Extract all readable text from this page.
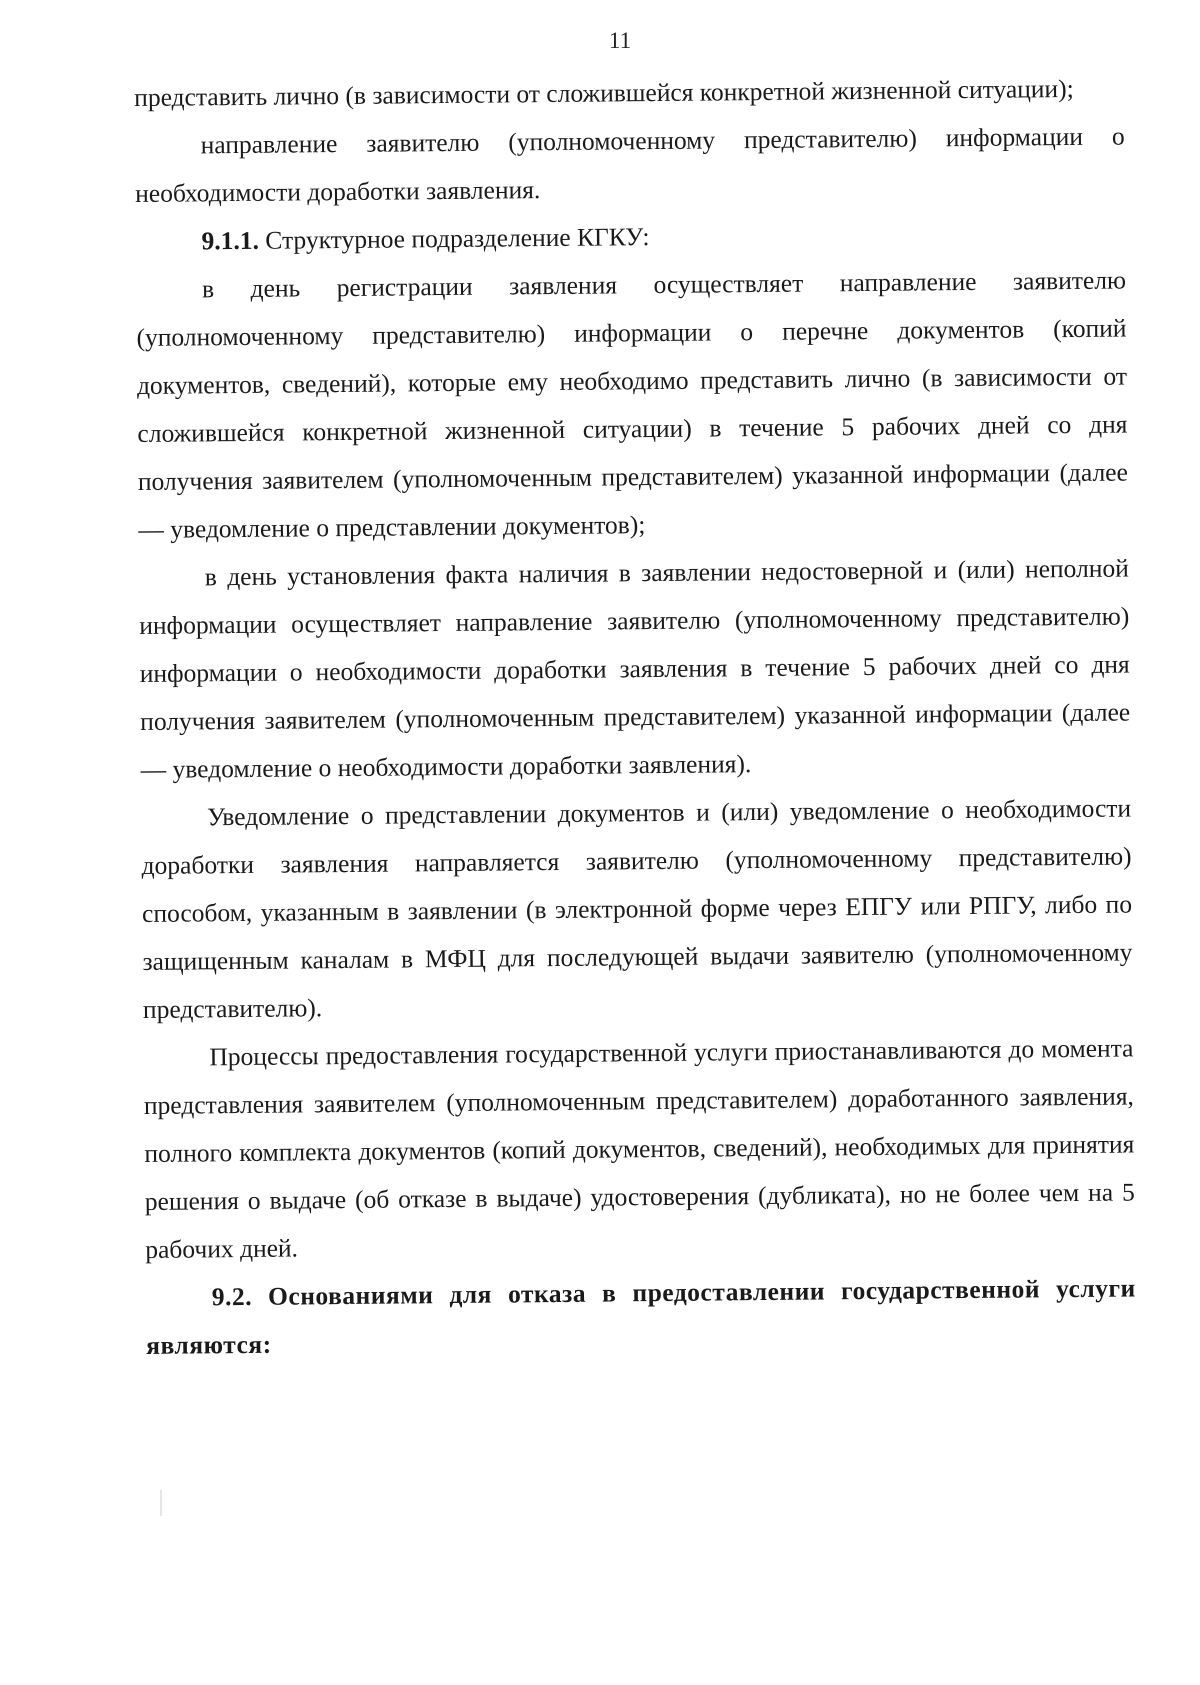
11

представить лично (в зависимости от сложившейся конкретной жизненной ситуации);

направление заявителю (уполномоченному представителю) информации о необходимости доработки заявления.

9.1.1. Структурное подразделение КГКУ:

в день регистрации заявления осуществляет направление заявителю (уполномоченному представителю) информации о перечне документов (копий документов, сведений), которые ему необходимо представить лично (в зависимости от сложившейся конкретной жизненной ситуации) в течение 5 рабочих дней со дня получения заявителем (уполномоченным представителем) указанной информации (далее — уведомление о представлении документов);

в день установления факта наличия в заявлении недостоверной и (или) неполной информации осуществляет направление заявителю (уполномоченному представителю) информации о необходимости доработки заявления в течение 5 рабочих дней со дня получения заявителем (уполномоченным представителем) указанной информации (далее — уведомление о необходимости доработки заявления).

Уведомление о представлении документов и (или) уведомление о необходимости доработки заявления направляется заявителю (уполномоченному представителю) способом, указанным в заявлении (в электронной форме через ЕПГУ или РПГУ, либо по защищенным каналам в МФЦ для последующей выдачи заявителю (уполномоченному представителю).

Процессы предоставления государственной услуги приостанавливаются до момента представления заявителем (уполномоченным представителем) доработанного заявления, полного комплекта документов (копий документов, сведений), необходимых для принятия решения о выдаче (об отказе в выдаче) удостоверения (дубликата), но не более чем на 5 рабочих дней.

9.2. Основаниями для отказа в предоставлении государственной услуги являются:
